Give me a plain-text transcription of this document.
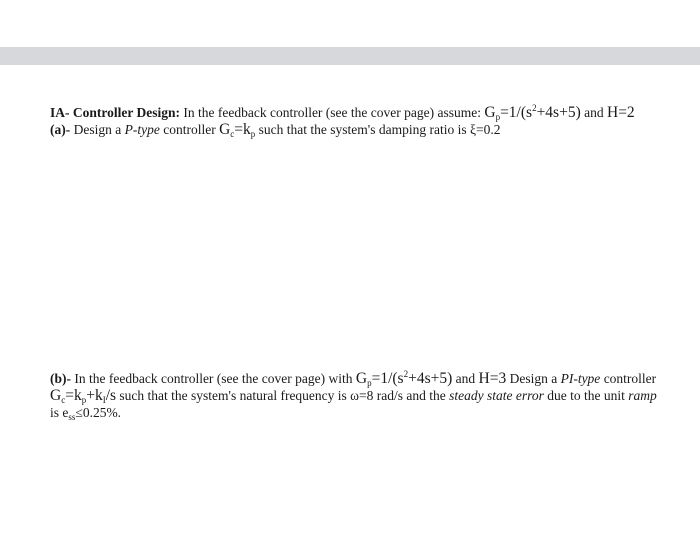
IA- Controller Design: In the feedback controller (see the cover page) assume: $G_p=1/(s^2+4s+5)$ and H=2
(a)- Design a P-type controller $G_c=k_p$ such that the system's damping ratio is ξ=0.2
(b)- In the feedback controller (see the cover page) with $G_p=1/(s^2+4s+5)$ and H=3 Design a PI-type controller
$G_c=k_p+k_I/s$ such that the system's natural frequency is ω=8 rad/s and the steady state error due to the unit ramp
is $e_{ss}\le 0.25\%$.
